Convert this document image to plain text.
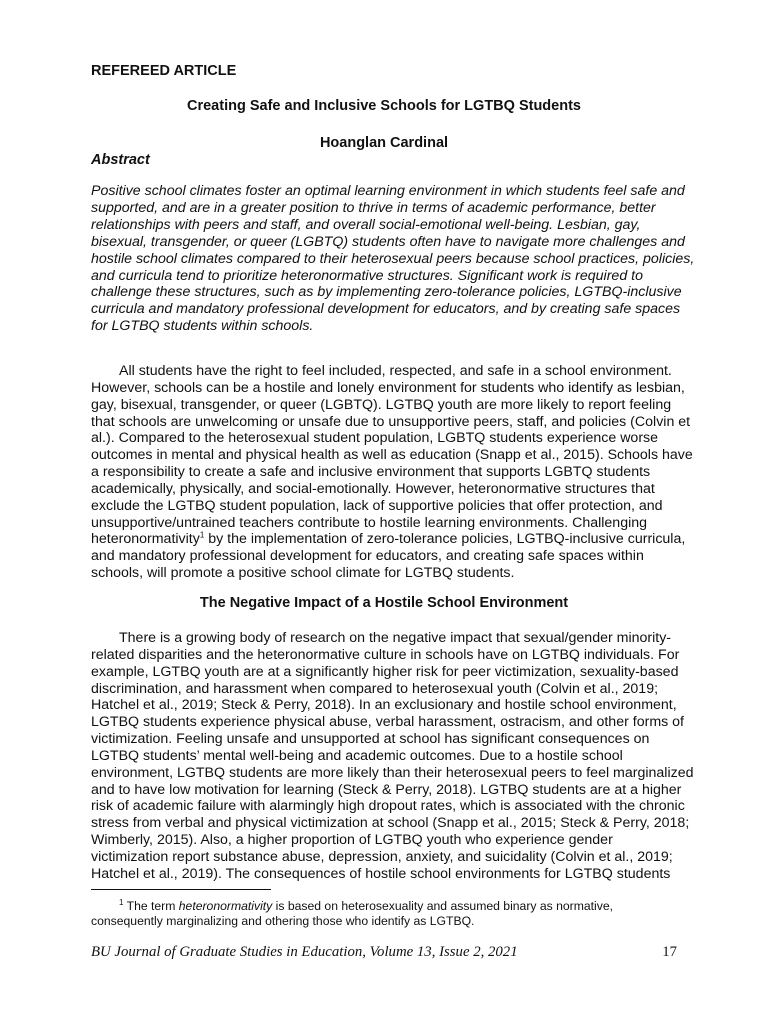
REFEREED ARTICLE
Creating Safe and Inclusive Schools for LGTBQ Students
Hoanglan Cardinal
Abstract
Positive school climates foster an optimal learning environment in which students feel safe and
supported, and are in a greater position to thrive in terms of academic performance, better
relationships with peers and staff, and overall social-emotional well-being. Lesbian, gay,
bisexual, transgender, or queer (LGBTQ) students often have to navigate more challenges and
hostile school climates compared to their heterosexual peers because school practices, policies,
and curricula tend to prioritize heteronormative structures. Significant work is required to
challenge these structures, such as by implementing zero-tolerance policies, LGTBQ-inclusive
curricula and mandatory professional development for educators, and by creating safe spaces
for LGTBQ students within schools.
All students have the right to feel included, respected, and safe in a school environment.
However, schools can be a hostile and lonely environment for students who identify as lesbian,
gay, bisexual, transgender, or queer (LGBTQ). LGTBQ youth are more likely to report feeling
that schools are unwelcoming or unsafe due to unsupportive peers, staff, and policies (Colvin et
al.). Compared to the heterosexual student population, LGBTQ students experience worse
outcomes in mental and physical health as well as education (Snapp et al., 2015). Schools have
a responsibility to create a safe and inclusive environment that supports LGBTQ students
academically, physically, and social-emotionally. However, heteronormative structures that
exclude the LGTBQ student population, lack of supportive policies that offer protection, and
unsupportive/untrained teachers contribute to hostile learning environments. Challenging
heteronormativity$^1$ by the implementation of zero-tolerance policies, LGTBQ-inclusive curricula,
and mandatory professional development for educators, and creating safe spaces within
schools, will promote a positive school climate for LGTBQ students.
The Negative Impact of a Hostile School Environment
There is a growing body of research on the negative impact that sexual/gender minority-
related disparities and the heteronormative culture in schools have on LGTBQ individuals. For
example, LGTBQ youth are at a significantly higher risk for peer victimization, sexuality-based
discrimination, and harassment when compared to heterosexual youth (Colvin et al., 2019;
Hatchel et al., 2019; Steck & Perry, 2018). In an exclusionary and hostile school environment,
LGTBQ students experience physical abuse, verbal harassment, ostracism, and other forms of
victimization. Feeling unsafe and unsupported at school has significant consequences on
LGTBQ students’ mental well-being and academic outcomes. Due to a hostile school
environment, LGTBQ students are more likely than their heterosexual peers to feel marginalized
and to have low motivation for learning (Steck & Perry, 2018). LGTBQ students are at a higher
risk of academic failure with alarmingly high dropout rates, which is associated with the chronic
stress from verbal and physical victimization at school (Snapp et al., 2015; Steck & Perry, 2018;
Wimberly, 2015). Also, a higher proportion of LGTBQ youth who experience gender
victimization report substance abuse, depression, anxiety, and suicidality (Colvin et al., 2019;
Hatchel et al., 2019). The consequences of hostile school environments for LGTBQ students
$^1$ The term heteronormativity is based on heterosexuality and assumed binary as normative,
consequently marginalizing and othering those who identify as LGTBQ.
BU Journal of Graduate Studies in Education, Volume 13, Issue 2, 2021	17
